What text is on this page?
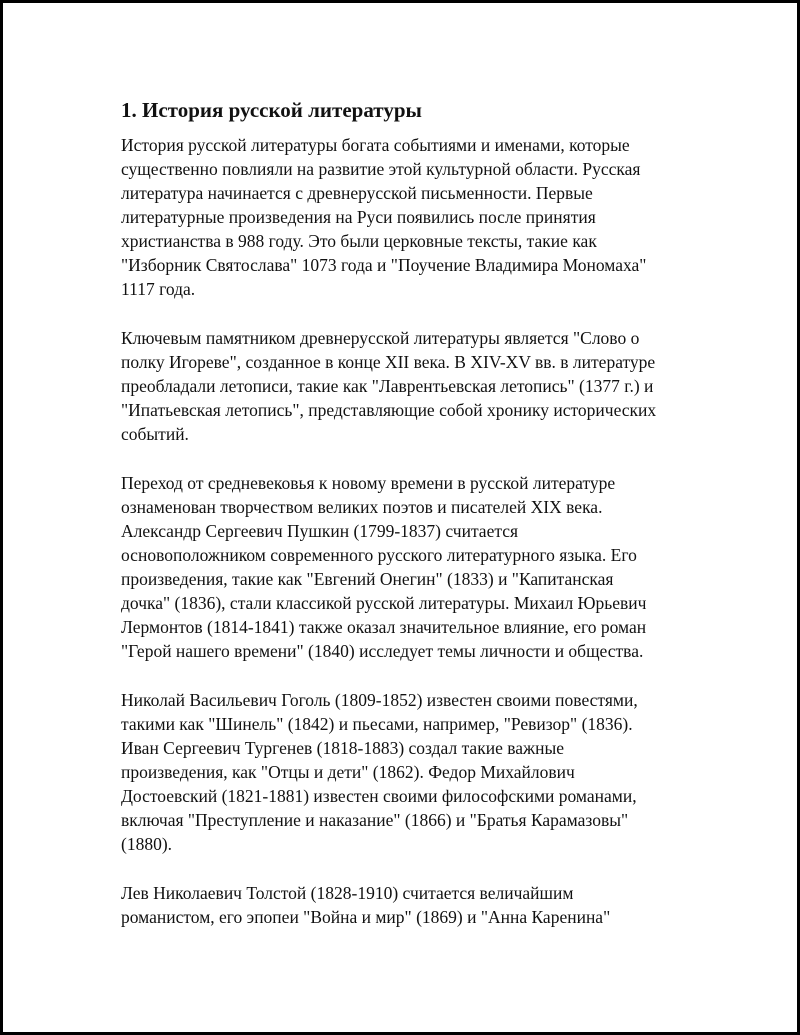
1. История русской литературы

История русской литературы богата событиями и именами, которые
существенно повлияли на развитие этой культурной области. Русская
литература начинается с древнерусской письменности. Первые
литературные произведения на Руси появились после принятия
христианства в 988 году. Это были церковные тексты, такие как
"Изборник Святослава" 1073 года и "Поучение Владимира Мономаха"
1117 года.

Ключевым памятником древнерусской литературы является "Слово о
полку Игореве", созданное в конце XII века. В XIV-XV вв. в литературе
преобладали летописи, такие как "Лаврентьевская летопись" (1377 г.) и
"Ипатьевская летопись", представляющие собой хронику исторических
событий.

Переход от средневековья к новому времени в русской литературе
ознаменован творчеством великих поэтов и писателей XIX века.
Александр Сергеевич Пушкин (1799-1837) считается
основоположником современного русского литературного языка. Его
произведения, такие как "Евгений Онегин" (1833) и "Капитанская
дочка" (1836), стали классикой русской литературы. Михаил Юрьевич
Лермонтов (1814-1841) также оказал значительное влияние, его роман
"Герой нашего времени" (1840) исследует темы личности и общества.

Николай Васильевич Гоголь (1809-1852) известен своими повестями,
такими как "Шинель" (1842) и пьесами, например, "Ревизор" (1836).
Иван Сергеевич Тургенев (1818-1883) создал такие важные
произведения, как "Отцы и дети" (1862). Федор Михайлович
Достоевский (1821-1881) известен своими философскими романами,
включая "Преступление и наказание" (1866) и "Братья Карамазовы"
(1880).

Лев Николаевич Толстой (1828-1910) считается величайшим
романистом, его эпопеи "Война и мир" (1869) и "Анна Каренина"
